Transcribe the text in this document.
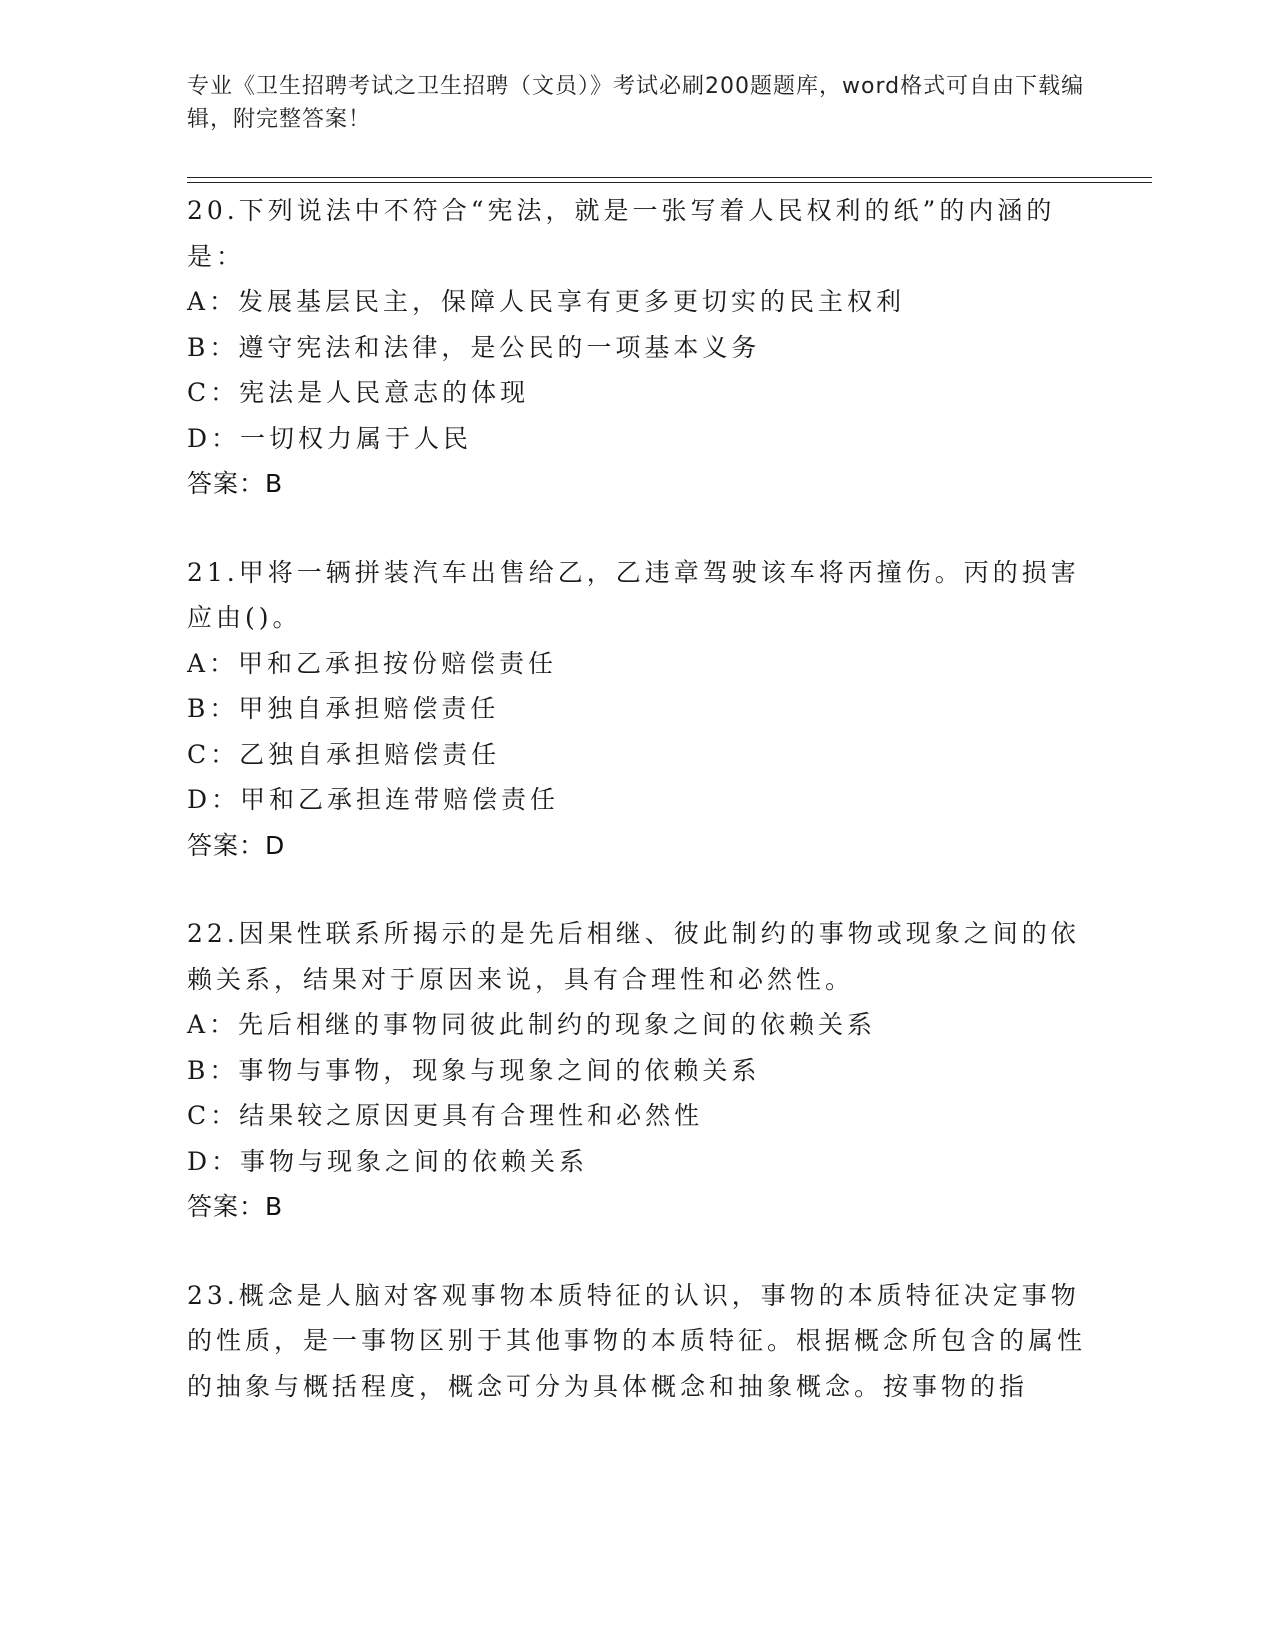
专业《卫生招聘考试之卫生招聘（文员）》考试必刷200题题库，word格式可自由下载编辑，附完整答案！

20.下列说法中不符合“宪法，就是一张写着人民权利的纸”的内涵的是：

A：发展基层民主，保障人民享有更多更切实的民主权利
B：遵守宪法和法律，是公民的一项基本义务
C：宪法是人民意志的体现
D：一切权力属于人民
答案：B

21.甲将一辆拼装汽车出售给乙，乙违章驾驶该车将丙撞伤。丙的损害应由()。

A：甲和乙承担按份赔偿责任
B：甲独自承担赔偿责任
C：乙独自承担赔偿责任
D：甲和乙承担连带赔偿责任
答案：D

22.因果性联系所揭示的是先后相继、彼此制约的事物或现象之间的依赖关系，结果对于原因来说，具有合理性和必然性。

A：先后相继的事物同彼此制约的现象之间的依赖关系
B：事物与事物，现象与现象之间的依赖关系
C：结果较之原因更具有合理性和必然性
D：事物与现象之间的依赖关系
答案：B

23.概念是人脑对客观事物本质特征的认识，事物的本质特征决定事物的性质，是一事物区别于其他事物的本质特征。根据概念所包含的属性的抽象与概括程度，概念可分为具体概念和抽象概念。按事物的指
